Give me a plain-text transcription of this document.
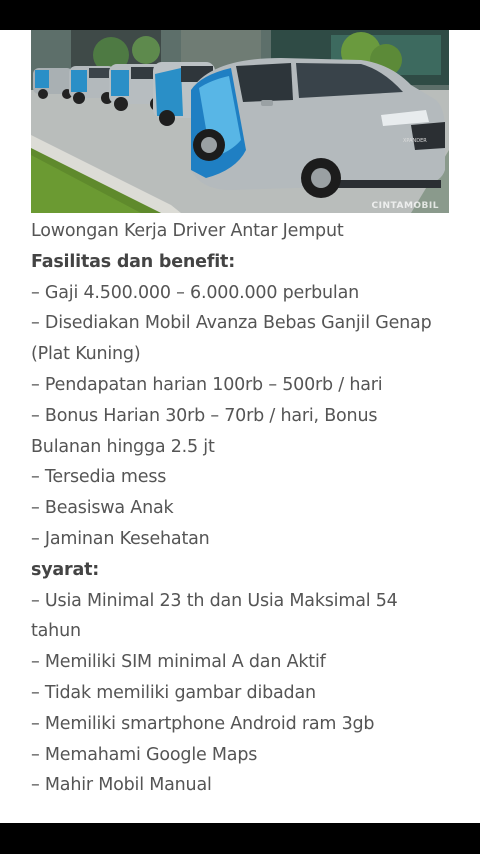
XPANDER
CINTAMOBIL

Lowongan Kerja Driver Antar Jemput

Fasilitas dan benefit:

– Gaji 4.500.000 – 6.000.000 perbulan

– Disediakan Mobil Avanza Bebas Ganjil Genap

(Plat Kuning)

– Pendapatan harian 100rb – 500rb / hari

– Bonus Harian 30rb – 70rb / hari, Bonus

Bulanan hingga 2.5 jt

– Tersedia mess

– Beasiswa Anak

– Jaminan Kesehatan

syarat:

– Usia Minimal 23 th dan Usia Maksimal 54

tahun

– Memiliki SIM minimal A dan Aktif

– Tidak memiliki gambar dibadan

– Memiliki smartphone Android ram 3gb

– Memahami Google Maps

– Mahir Mobil Manual
